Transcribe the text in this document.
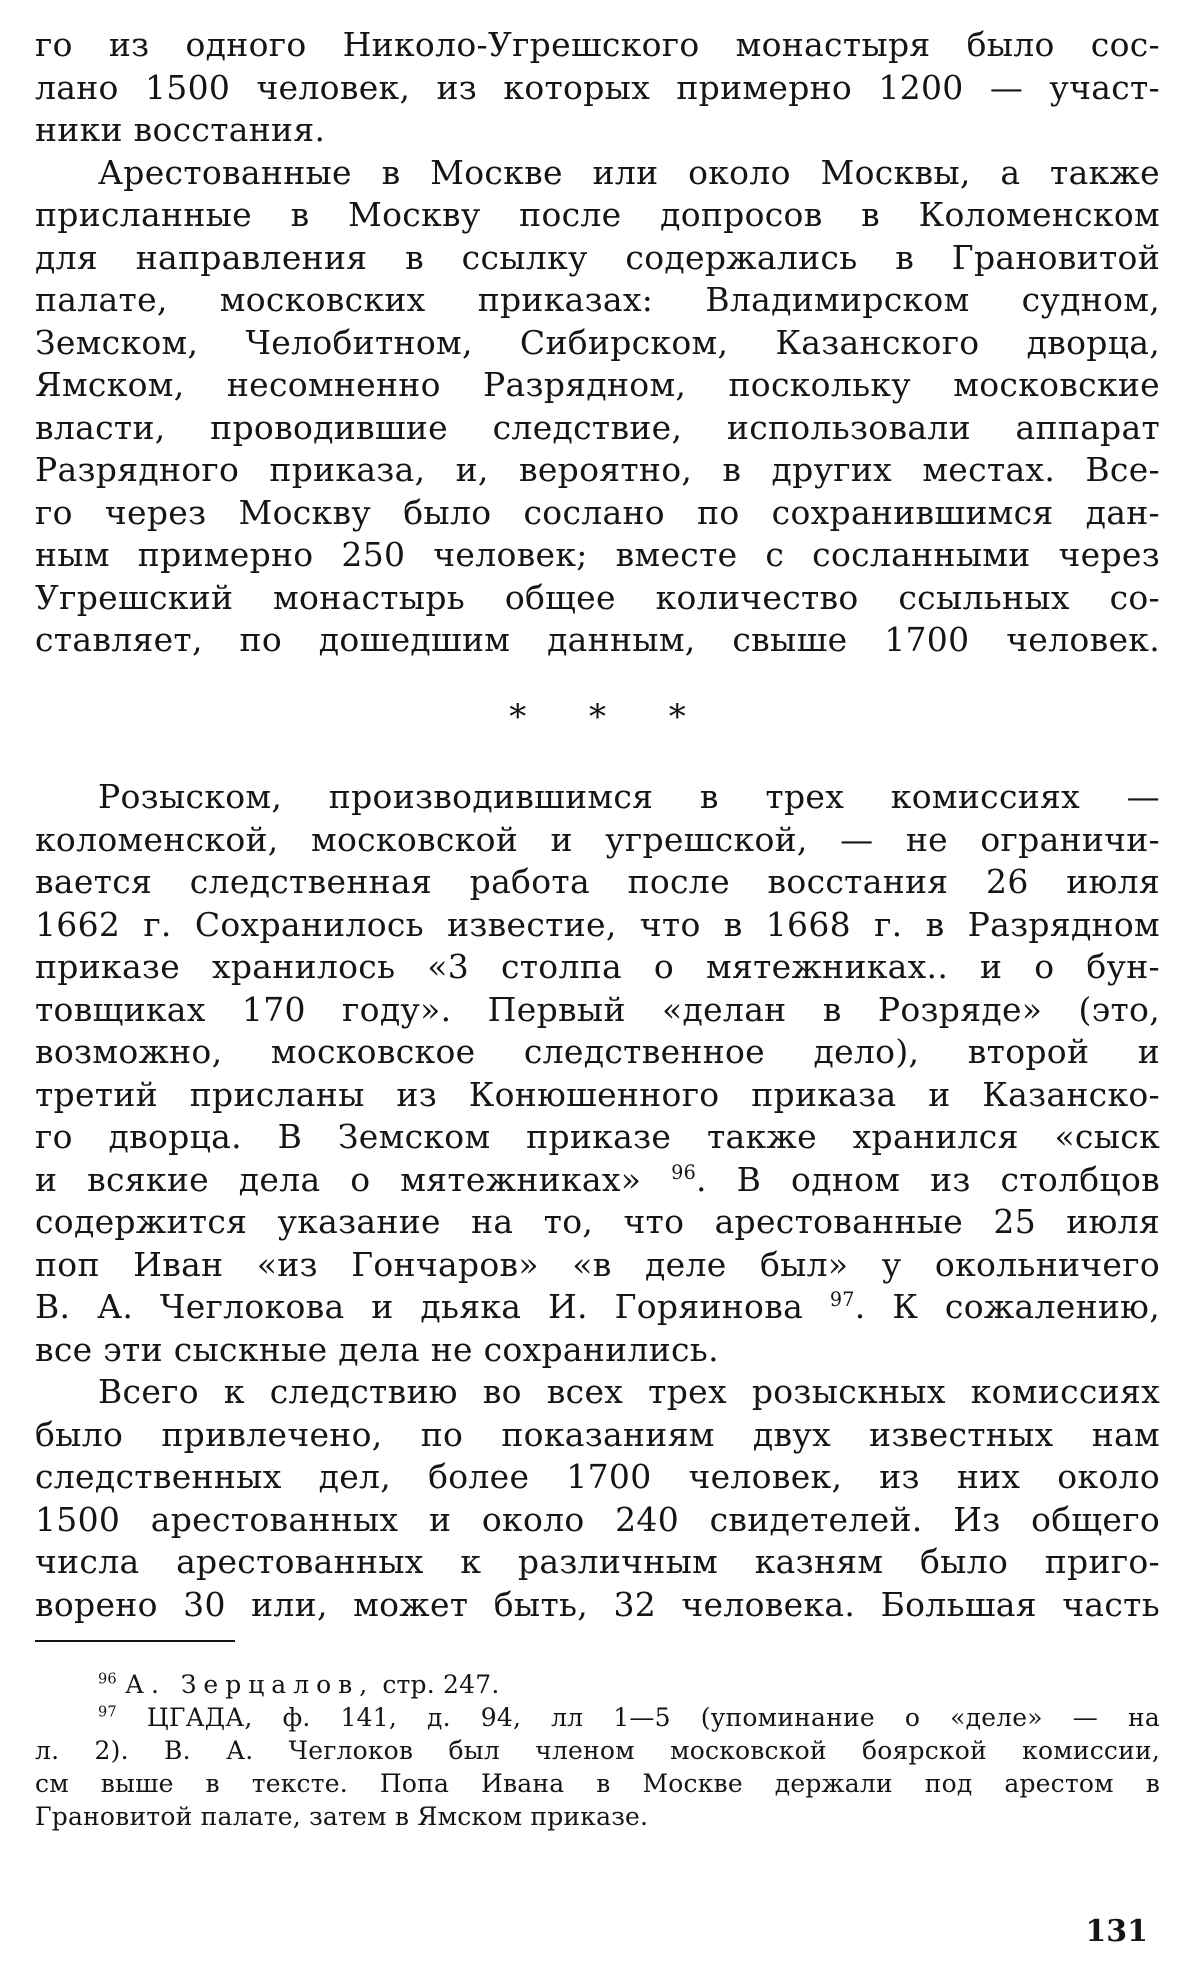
го из одного Николо-Угрешского монастыря было сос-
лано 1500 человек, из которых примерно 1200 — участ-
ники восстания.

Арестованные в Москве или около Москвы, а также
присланные в Москву после допросов в Коломенском
для направления в ссылку содержались в Грановитой
палате, московских приказах: Владимирском судном,
Земском, Челобитном, Сибирском, Казанского дворца,
Ямском, несомненно Разрядном, поскольку московские
власти, проводившие следствие, использовали аппарат
Разрядного приказа, и, вероятно, в других местах. Все-
го через Москву было сослано по сохранившимся дан-
ным примерно 250 человек; вместе с сосланными через
Угрешский монастырь общее количество ссыльных со-
ставляет, по дошедшим данным, свыше 1700 человек.

* * *

Розыском, производившимся в трех комиссиях —
коломенской, московской и угрешской, — не ограничи-
вается следственная работа после восстания 26 июля
1662 г. Сохранилось известие, что в 1668 г. в Разрядном
приказе хранилось «3 столпа о мятежниках.. и о бун-
товщиках 170 году». Первый «делан в Розряде» (это,
возможно, московское следственное дело), второй и
третий присланы из Конюшенного приказа и Казанско-
го дворца. В Земском приказе также хранился «сыск
и всякие дела о мятежниках» $^{96}$. В одном из столбцов
содержится указание на то, что арестованные 25 июля
поп Иван «из Гончаров» «в деле был» у окольничего
В. А. Чеглокова и дьяка И. Горяинова $^{97}$. К сожалению,
все эти сыскные дела не сохранились.

Всего к следствию во всех трех розыскных комиссиях
было привлечено, по показаниям двух известных нам
следственных дел, более 1700 человек, из них около
1500 арестованных и около 240 свидетелей. Из общего
числа арестованных к различным казням было приго-
ворено 30 или, может быть, 32 человека. Большая часть

$^{96}$ А. Зерцалов, стр. 247.
$^{97}$ ЦГАДА, ф. 141, д. 94, лл 1—5 (упоминание о «деле» — на
л. 2). В. А. Чеглоков был членом московской боярской комиссии,
см выше в тексте. Попа Ивана в Москве держали под арестом в
Грановитой палате, затем в Ямском приказе.
131
